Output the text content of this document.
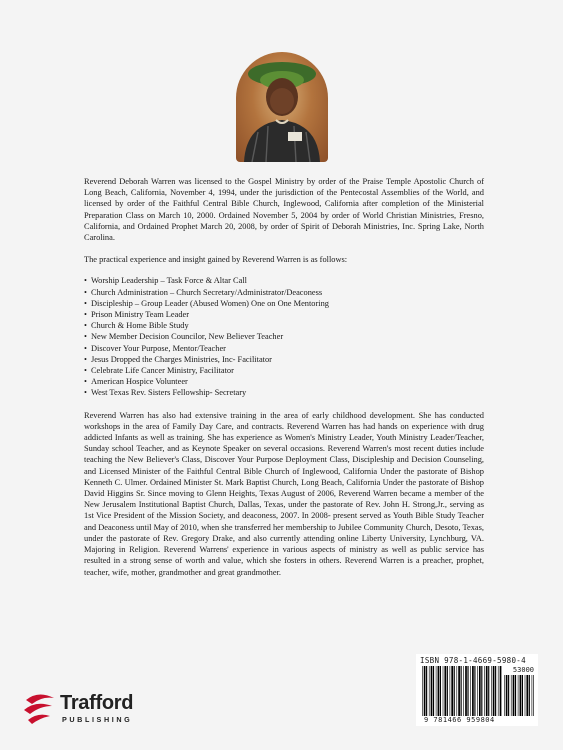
Reverend Deborah Warren was licensed to the Gospel Ministry by order of the Praise Temple Apostolic Church of Long Beach, California, November 4, 1994, under the jurisdiction of the Pentecostal Assemblies of the World, and licensed by order of the Faithful Central Bible Church, Inglewood, California after completion of the Ministerial Preparation Class on March 10, 2000. Ordained November 5, 2004 by order of World Christian Ministries, Fresno, California, and Ordained Prophet March 20, 2008, by order of Spirit of Deborah Ministries, Inc. Spring Lake, North Carolina.

The practical experience and insight gained by Reverend Warren is as follows:

• Worship Leadership – Task Force & Altar Call
• Church Administration – Church Secretary/Administrator/Deaconess
• Discipleship – Group Leader (Abused Women) One on One Mentoring
• Prison Ministry Team Leader
• Church & Home Bible Study
• New Member Decision Councilor, New Believer Teacher
• Discover Your Purpose, Mentor/Teacher
• Jesus Dropped the Charges Ministries, Inc- Facilitator
• Celebrate Life Cancer Ministry, Facilitator
• American Hospice Volunteer
• West Texas Rev. Sisters Fellowship- Secretary

Reverend Warren has also had extensive training in the area of early childhood development. She has conducted workshops in the area of Family Day Care, and contracts. Reverend Warren has had hands on experience with drug addicted Infants as well as training. She has experience as Women's Ministry Leader, Youth Ministry Leader/Teacher, Sunday school Teacher, and as Keynote Speaker on several occasions. Reverend Warren's most recent duties include teaching the New Believer's Class, Discover Your Purpose Deployment Class, Discipleship and Decision Counseling, and Licensed Minister of the Faithful Central Bible Church of Inglewood, California Under the pastorate of Bishop Kenneth C. Ulmer. Ordained Minister St. Mark Baptist Church, Long Beach, California Under the pastorate of Bishop David Higgins Sr. Since moving to Glenn Heights, Texas August of 2006, Reverend Warren became a member of the New Jerusalem Institutional Baptist Church, Dallas, Texas, under the pastorate of Rev. John H. Strong,Jr., serving as 1st Vice President of the Mission Society, and deaconess, 2007. In 2008- present served as Youth Bible Study Teacher and Deaconess until May of 2010, when she transferred her membership to Jubilee Community Church, Desoto, Texas, under the pastorate of Rev. Gregory Drake, and also currently attending online Liberty University, Lynchburg, VA. Majoring in Religion. Reverend Warrens' experience in various aspects of ministry as well as public service has resulted in a strong sense of worth and value, which she fosters in others. Reverend Warren is a preacher, prophet, teacher, wife, mother, grandmother and great grandmother.

ISBN 978-1-4669-5980-4
53000
9 781466 959804
Trafford
PUBLISHING
